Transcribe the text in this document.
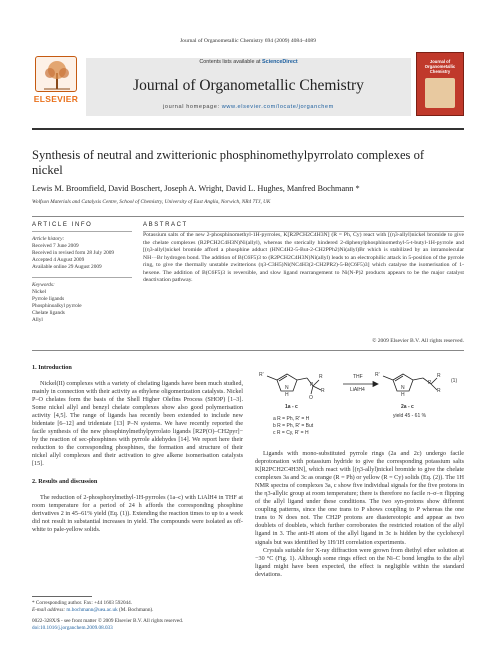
Journal of Organometallic Chemistry 694 (2009) 4084–4089
ELSEVIER
Contents lists available at ScienceDirect
Journal of Organometallic Chemistry
journal homepage: www.elsevier.com/locate/jorganchem
Journal of Organometallic Chemistry
Synthesis of neutral and zwitterionic phosphinomethylpyrrolato complexes of nickel
Lewis M. Broomfield, David Boschert, Joseph A. Wright, David L. Hughes, Manfred Bochmann *
Wolfson Materials and Catalysis Centre, School of Chemistry, University of East Anglia, Norwich, NR4 7TJ, UK
ARTICLE INFO
Article history:
Received 7 June 2009
Received in revised form 28 July 2009
Accepted 4 August 2009
Available online 29 August 2009
Keywords:
Nickel
Pyrrole ligands
Phosphinoalkyl pyrrole
Chelate ligands
Allyl
ABSTRACT
Potassium salts of the new 2-phosphinomethyl-1H-pyrroles, K[R2PCH2C4H3N] (R = Ph, Cy) react with [(η3-allyl)nickel bromide to give the chelate complexes (R2PCH2C4H3N)Ni(allyl), whereas the sterically hindered 2-diphenylphosphinomethyl-5-t-butyl-1H-pyrrole and [(η3-allyl)nickel bromide afford a phosphine adduct (HNC4H2-5-But-2-CH2PPh2)Ni(allyl)Br which is stabilized by an intramolecular NH···Br hydrogen bond. The addition of B(C6F5)3 to (R2PCH2C4H3N)Ni(allyl) leads to an electrophilic attack in 5-position of the pyrrole ring, to give the thermally unstable zwitterions (η3-C3H5)Ni(NC4H3(2-CH2PR2)-5-B(C6F5)3] which catalyse the isomerisation of 1-hexene. The addition of B(C6F5)3 is reversible, and slow ligand rearrangement to Ni(N-P)2 products appears to be the major catalyst deactivation pathway.
© 2009 Elsevier B.V. All rights reserved.
1. Introduction
Nickel(II) complexes with a variety of chelating ligands have been much studied, mainly in connection with their activity as ethylene oligomerization catalysts. Nickel P–O chelates form the basis of the Shell Higher Olefins Process (SHOP) [1–3]. Some nickel allyl and benzyl chelate complexes show also good polymerisation activity [4,5]. The range of ligands has recently been extended to include new bidentate [6–12] and tridentate [13] P–N systems. We have recently reported the facile synthesis of the new phosphinylmethylpyrrolato ligands [R2P(O)–CH2pyr]− by the reaction of sec-phosphines with pyrrole aldehydes [14]. We report here their reduction to the corresponding phosphines, the formation and structure of their nickel allyl complexes and their activation to give alkene isomerisation catalysts [15].
2. Results and discussion
The reduction of 2-phosphorylmethyl-1H-pyrroles (1a–c) with LiAlH4 in THF at room temperature for a period of 24 h affords the corresponding phosphine derivatives 2 in 45–61% yield (Eq. (1)). Extending the reaction times to up to a week did not result in substantial increases in yield. The compounds were isolated as off-white to pale-yellow solids.
R'
H
N	P
O
R
R	R'
H
N
P
R
R
THF
LiAlH4
(1)
1a - c	2a - c
yield 45 - 61 %
a R = Ph, R' = H
b R = Ph, R' = But
c R = Cy, R' = H
Ligands with mono-substituted pyrrole rings (2a and 2c) undergo facile deprotonation with potassium hydride to give the corresponding potassium salts K[R2PCH2C4H3N], which react with [(η3-allyl)nickel bromide to give the chelate complexes 3a and 3c as orange (R = Ph) or yellow (R = Cy) solids (Eq. (2)). The 1H NMR spectra of complexes 3a, c show five individual signals for the five protons in the η3-allylic group at room temperature; there is therefore no facile π–σ–π flipping of the allyl ligand under these conditions. The two syn-protons show different coupling patterns, since the one trans to P shows coupling to P whereas the one trans to N does not. The CH2P protons are diastereotopic and appear as two doublets of doublets, which further corroborates the restricted rotation of the allyl ligand in 3. The anti-H atom of the allyl ligand in 3c is hidden by the cyclohexyl signals but was identified by 1H/1H correlation experiments.
Crystals suitable for X-ray diffraction were grown from diethyl ether solution at −30 °C (Fig. 1). Although some rings effect on the Ni–C bond lengths to the allyl ligand might have been expected, the effect is negligible within the standard deviations.
* Corresponding author. Fax: +44 1603 592044.
E-mail address: m.bochmann@uea.ac.uk (M. Bochmann).
0022-328X/$ - see front matter © 2009 Elsevier B.V. All rights reserved.
doi:10.1016/j.jorganchem.2009.08.033
